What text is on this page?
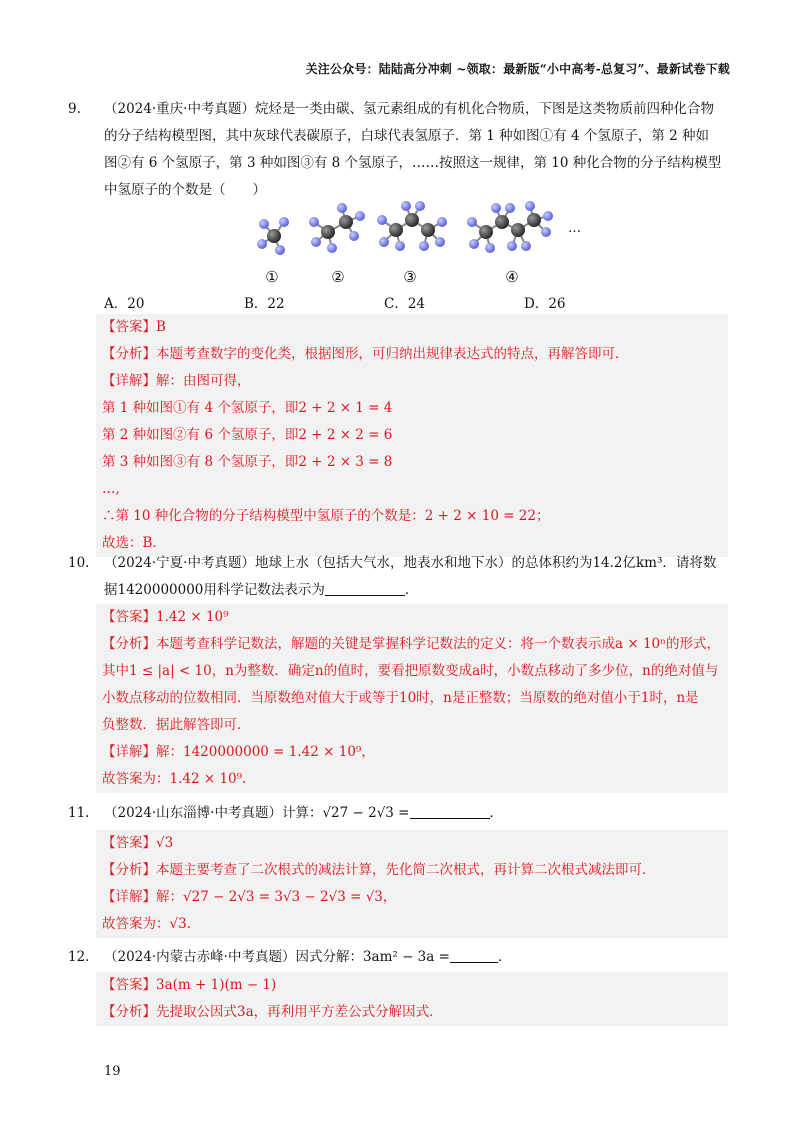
关注公众号：陆陆高分冲刺 ~领取：最新版“小中高考-总复习”、最新试卷下载
9. （2024·重庆·中考真题）烷烃是一类由碳、氢元素组成的有机化合物质，下图是这类物质前四种化合物
的分子结构模型图，其中灰球代表碳原子，白球代表氢原子．第 1 种如图①有 4 个氢原子，第 2 种如
图②有 6 个氢原子，第 3 种如图③有 8 个氢原子，……按照这一规律，第 10 种化合物的分子结构模型
中氢原子的个数是（　　）
…
①	②	③	④
A．20	B．22	C．24	D．26
【答案】B
【分析】本题考查数字的变化类，根据图形，可归纳出规律表达式的特点，再解答即可．
【详解】解：由图可得，
第 1 种如图①有 4 个氢原子，即2 + 2 × 1 = 4
第 2 种如图②有 6 个氢原子，即2 + 2 × 2 = 6
第 3 种如图③有 8 个氢原子，即2 + 2 × 3 = 8
…,
∴第 10 种化合物的分子结构模型中氢原子的个数是：2 + 2 × 10 = 22；
故选：B．
10. （2024·宁夏·中考真题）地球上水（包括大气水，地表水和地下水）的总体积约为14.2亿km³．请将数
据1420000000用科学记数法表示为	．
【答案】1.42 × 10⁹
【分析】本题考查科学记数法，解题的关键是掌握科学记数法的定义：将一个数表示成a × 10ⁿ的形式，
其中1 ≤ |a| < 10，n为整数．确定n的值时，要看把原数变成a时，小数点移动了多少位，n的绝对值与
小数点移动的位数相同．当原数绝对值大于或等于10时，n是正整数；当原数的绝对值小于1时，n是
负整数．据此解答即可．
【详解】解：1420000000 = 1.42 × 10⁹，
故答案为：1.42 × 10⁹.
11. （2024·山东淄博·中考真题）计算：√27 − 2√3 =	．
【答案】√3
【分析】本题主要考查了二次根式的减法计算，先化简二次根式，再计算二次根式减法即可．
【详解】解：√27 − 2√3 = 3√3 − 2√3 = √3，
故答案为：√3.
12. （2024·内蒙古赤峰·中考真题）因式分解：3am² − 3a =	．
【答案】3a(m + 1)(m − 1)
【分析】先提取公因式3a，再利用平方差公式分解因式．
19
